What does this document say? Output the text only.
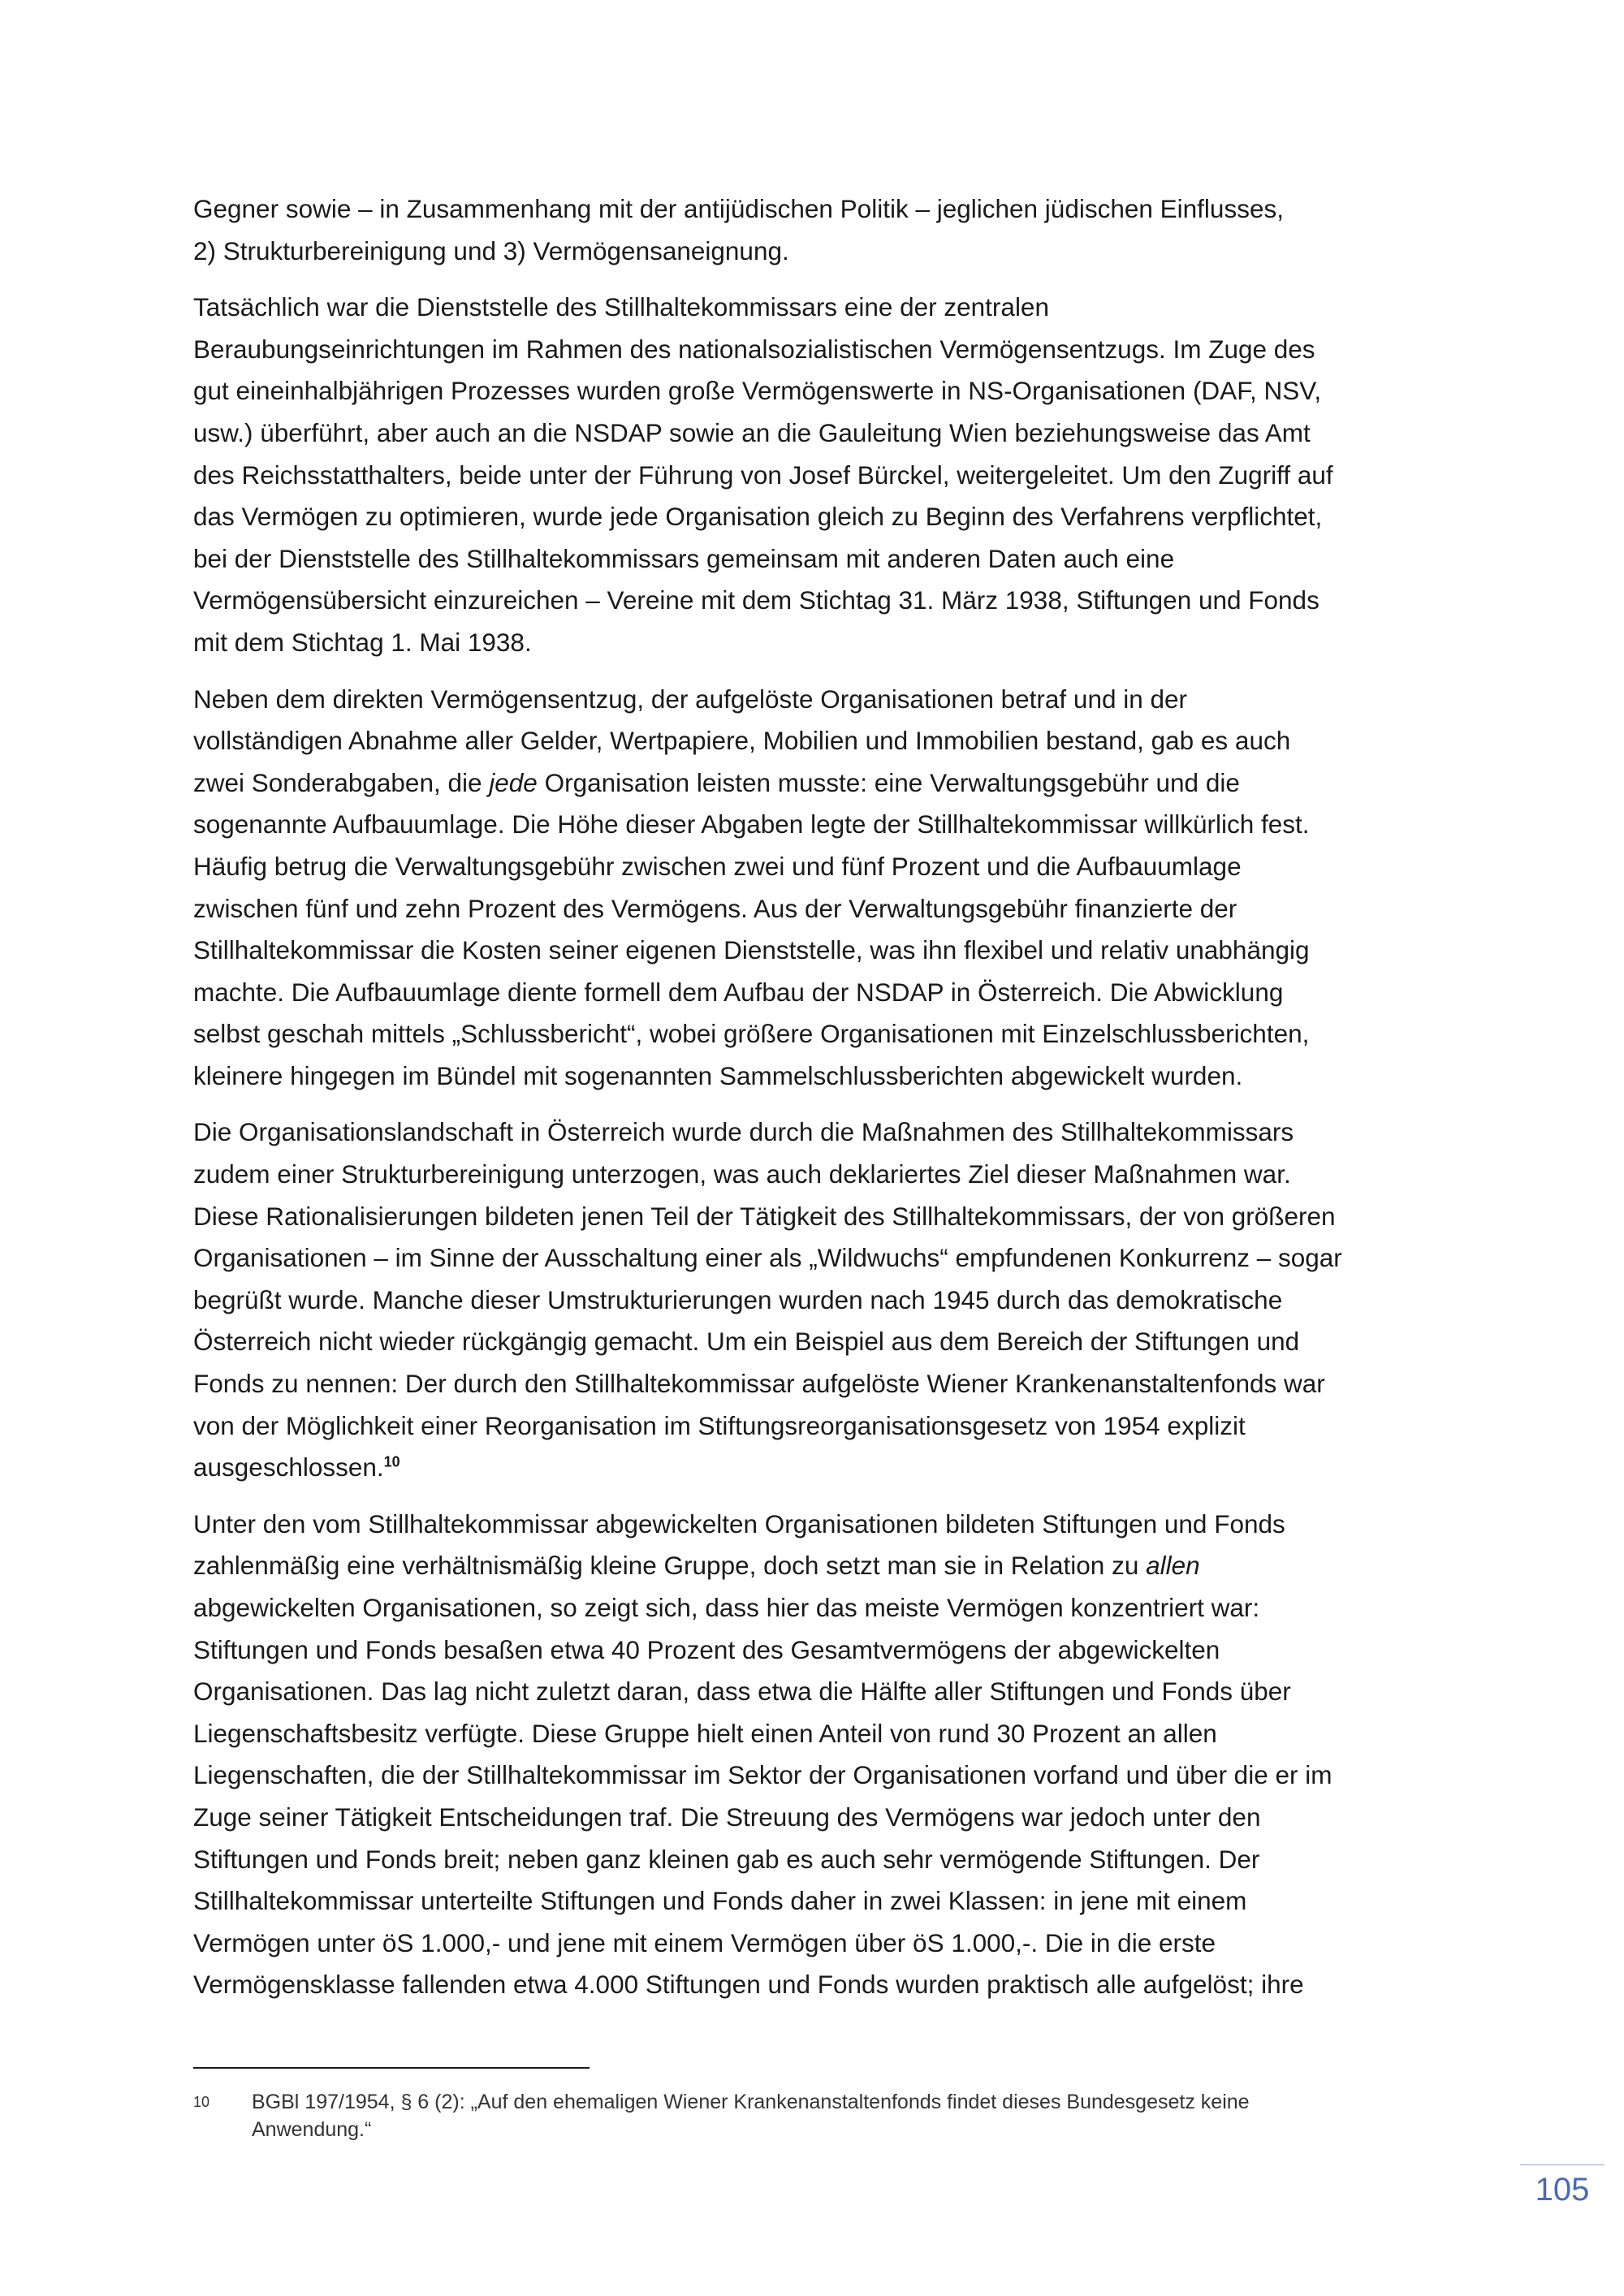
Gegner sowie – in Zusammenhang mit der antijüdischen Politik – jeglichen jüdischen Einflusses,
2) Strukturbereinigung und 3) Vermögensaneignung.

Tatsächlich war die Dienststelle des Stillhaltekommissars eine der zentralen
Beraubungseinrichtungen im Rahmen des nationalsozialistischen Vermögensentzugs. Im Zuge des
gut eineinhalbjährigen Prozesses wurden große Vermögenswerte in NS-Organisationen (DAF, NSV,
usw.) überführt, aber auch an die NSDAP sowie an die Gauleitung Wien beziehungsweise das Amt
des Reichsstatthalters, beide unter der Führung von Josef Bürckel, weitergeleitet. Um den Zugriff auf
das Vermögen zu optimieren, wurde jede Organisation gleich zu Beginn des Verfahrens verpflichtet,
bei der Dienststelle des Stillhaltekommissars gemeinsam mit anderen Daten auch eine
Vermögensübersicht einzureichen – Vereine mit dem Stichtag 31. März 1938, Stiftungen und Fonds
mit dem Stichtag 1. Mai 1938.

Neben dem direkten Vermögensentzug, der aufgelöste Organisationen betraf und in der
vollständigen Abnahme aller Gelder, Wertpapiere, Mobilien und Immobilien bestand, gab es auch
zwei Sonderabgaben, die jede Organisation leisten musste: eine Verwaltungsgebühr und die
sogenannte Aufbauumlage. Die Höhe dieser Abgaben legte der Stillhaltekommissar willkürlich fest.
Häufig betrug die Verwaltungsgebühr zwischen zwei und fünf Prozent und die Aufbauumlage
zwischen fünf und zehn Prozent des Vermögens. Aus der Verwaltungsgebühr finanzierte der
Stillhaltekommissar die Kosten seiner eigenen Dienststelle, was ihn flexibel und relativ unabhängig
machte. Die Aufbauumlage diente formell dem Aufbau der NSDAP in Österreich. Die Abwicklung
selbst geschah mittels „Schlussbericht“, wobei größere Organisationen mit Einzelschlussberichten,
kleinere hingegen im Bündel mit sogenannten Sammelschlussberichten abgewickelt wurden.

Die Organisationslandschaft in Österreich wurde durch die Maßnahmen des Stillhaltekommissars
zudem einer Strukturbereinigung unterzogen, was auch deklariertes Ziel dieser Maßnahmen war.
Diese Rationalisierungen bildeten jenen Teil der Tätigkeit des Stillhaltekommissars, der von größeren
Organisationen – im Sinne der Ausschaltung einer als „Wildwuchs“ empfundenen Konkurrenz – sogar
begrüßt wurde. Manche dieser Umstrukturierungen wurden nach 1945 durch das demokratische
Österreich nicht wieder rückgängig gemacht. Um ein Beispiel aus dem Bereich der Stiftungen und
Fonds zu nennen: Der durch den Stillhaltekommissar aufgelöste Wiener Krankenanstaltenfonds war
von der Möglichkeit einer Reorganisation im Stiftungsreorganisationsgesetz von 1954 explizit
ausgeschlossen.$^{10}$

Unter den vom Stillhaltekommissar abgewickelten Organisationen bildeten Stiftungen und Fonds
zahlenmäßig eine verhältnismäßig kleine Gruppe, doch setzt man sie in Relation zu allen
abgewickelten Organisationen, so zeigt sich, dass hier das meiste Vermögen konzentriert war:
Stiftungen und Fonds besaßen etwa 40 Prozent des Gesamtvermögens der abgewickelten
Organisationen. Das lag nicht zuletzt daran, dass etwa die Hälfte aller Stiftungen und Fonds über
Liegenschaftsbesitz verfügte. Diese Gruppe hielt einen Anteil von rund 30 Prozent an allen
Liegenschaften, die der Stillhaltekommissar im Sektor der Organisationen vorfand und über die er im
Zuge seiner Tätigkeit Entscheidungen traf. Die Streuung des Vermögens war jedoch unter den
Stiftungen und Fonds breit; neben ganz kleinen gab es auch sehr vermögende Stiftungen. Der
Stillhaltekommissar unterteilte Stiftungen und Fonds daher in zwei Klassen: in jene mit einem
Vermögen unter öS 1.000,- und jene mit einem Vermögen über öS 1.000,-. Die in die erste
Vermögensklasse fallenden etwa 4.000 Stiftungen und Fonds wurden praktisch alle aufgelöst; ihre

10 BGBl 197/1954, § 6 (2): „Auf den ehemaligen Wiener Krankenanstaltenfonds findet dieses Bundesgesetz keine
Anwendung.“
105
